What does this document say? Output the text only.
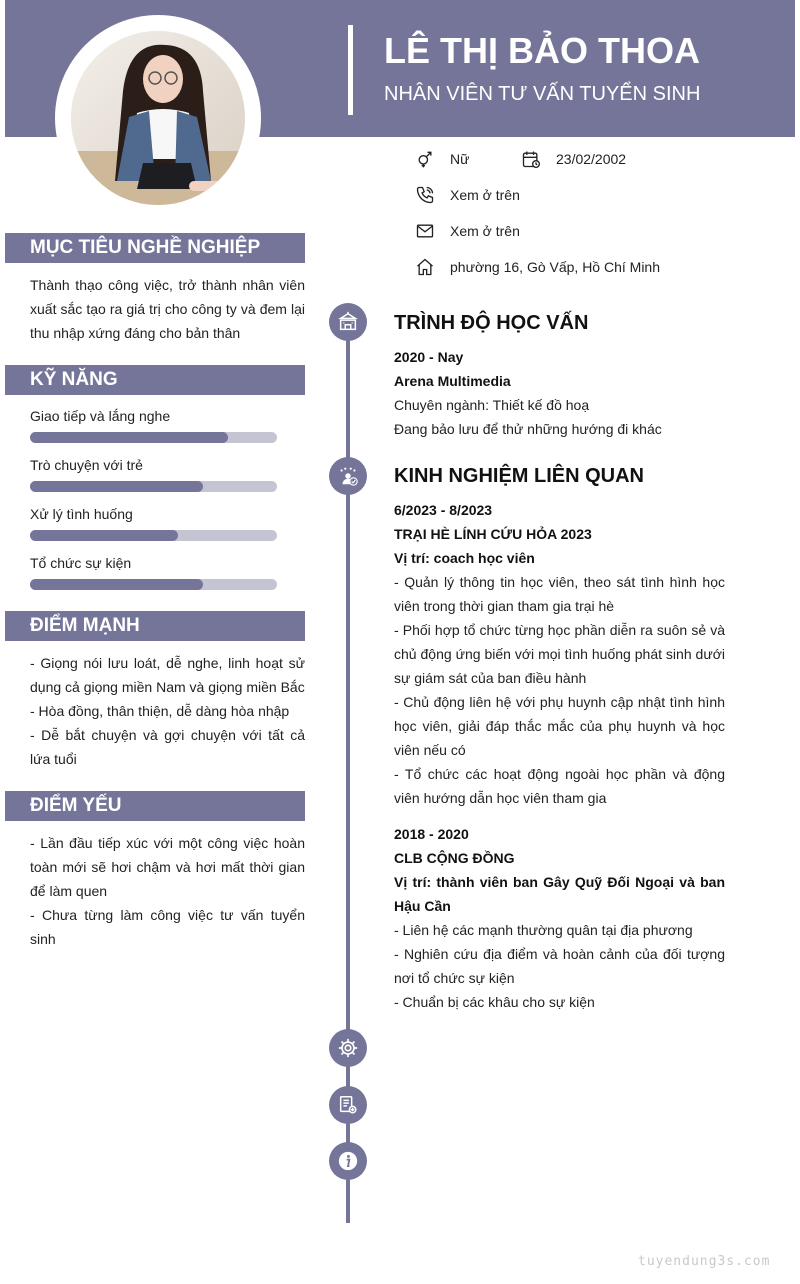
LÊ THỊ BẢO THOA
NHÂN VIÊN TƯ VẤN TUYỂN SINH
Nữ	23/02/2002
Xem ở trên
Xem ở trên
phường 16, Gò Vấp, Hồ Chí Minh
MỤC TIÊU NGHỀ NGHIỆP

Thành thạo công việc, trở thành nhân viên xuất sắc tạo ra giá trị cho công ty và đem lại thu nhập xứng đáng cho bản thân

KỸ NĂNG
Giao tiếp và lắng nghe
Trò chuyện với trẻ
Xử lý tình huống
Tổ chức sự kiện
ĐIỂM MẠNH

- Giọng nói lưu loát, dễ nghe, linh hoạt sử dụng cả giọng miền Nam và giọng miền Bắc

- Hòa đồng, thân thiện, dễ dàng hòa nhập

- Dễ bắt chuyện và gợi chuyện với tất cả lứa tuổi

ĐIỂM YẾU

- Lần đầu tiếp xúc với một công việc hoàn toàn mới sẽ hơi chậm và hơi mất thời gian để làm quen

- Chưa từng làm công việc tư vấn tuyển sinh

TRÌNH ĐỘ HỌC VẤN

2020 - Nay

Arena Multimedia

Chuyên ngành: Thiết kế đồ hoạ

Đang bảo lưu để thử những hướng đi khác

KINH NGHIỆM LIÊN QUAN

6/2023 - 8/2023

TRẠI HÈ LÍNH CỨU HỎA 2023

Vị trí: coach học viên

- Quản lý thông tin học viên, theo sát tình hình học viên trong thời gian tham gia trại hè

- Phối hợp tổ chức từng học phần diễn ra suôn sẻ và chủ động ứng biến với mọi tình huống phát sinh dưới sự giám sát của ban điều hành

- Chủ động liên hệ với phụ huynh cập nhật tình hình học viên, giải đáp thắc mắc của phụ huynh và học viên nếu có

- Tổ chức các hoạt động ngoài học phần và động viên hướng dẫn học viên tham gia

2018 - 2020

CLB CỘNG ĐỒNG

Vị trí: thành viên ban Gây Quỹ Đối Ngoại và ban Hậu Cần

- Liên hệ các mạnh thường quân tại địa phương

- Nghiên cứu địa điểm và hoàn cảnh của đối tượng nơi tổ chức sự kiện

- Chuẩn bị các khâu cho sự kiện

tuyendung3s.com
